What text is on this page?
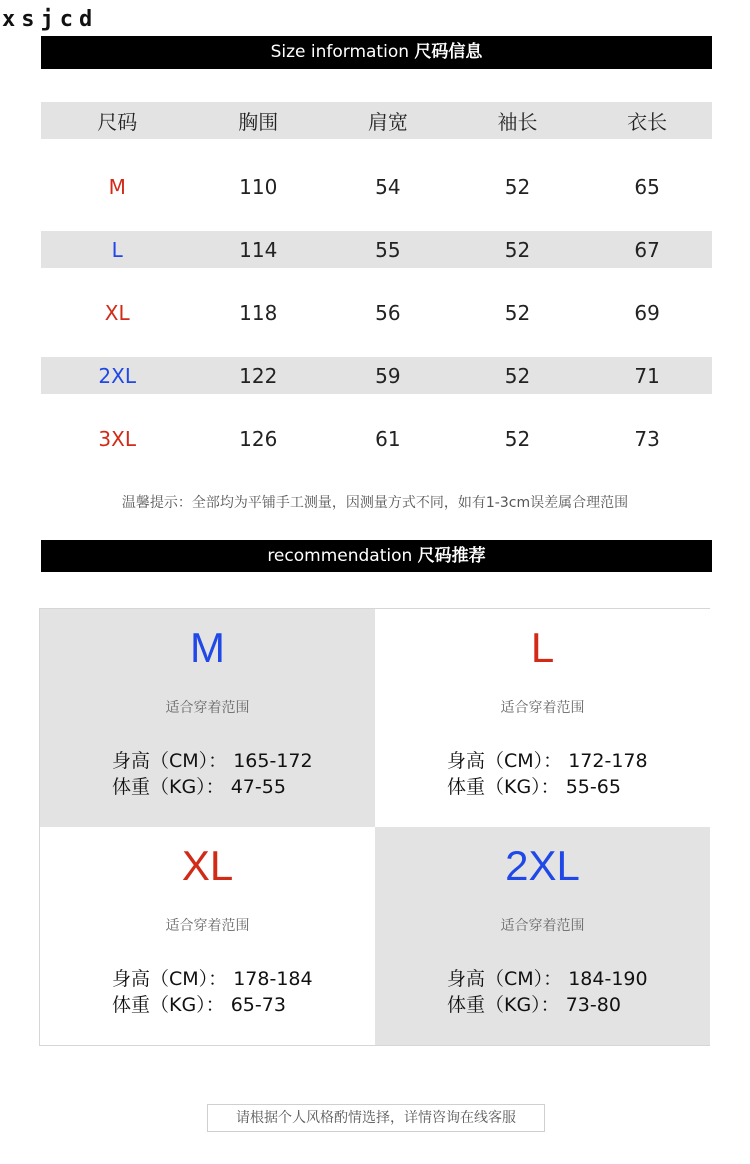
xsjcd
Size information 尺码信息
尺码	胸围	肩宽	袖长	衣长
M	110	54	52	65
L	114	55	52	67
XL	118	56	52	69
2XL	122	59	52	71
3XL	126	61	52	73
温馨提示：全部均为平铺手工测量，因测量方式不同，如有1-3cm误差属合理范围
recommendation 尺码推荐
M
适合穿着范围
身高（CM）： 165-172
体重（KG）： 47-55
L
适合穿着范围
身高（CM）： 172-178
体重（KG）： 55-65
XL
适合穿着范围
身高（CM）： 178-184
体重（KG）： 65-73
2XL
适合穿着范围
身高（CM）： 184-190
体重（KG）： 73-80
请根据个人风格酌情选择，详情咨询在线客服
